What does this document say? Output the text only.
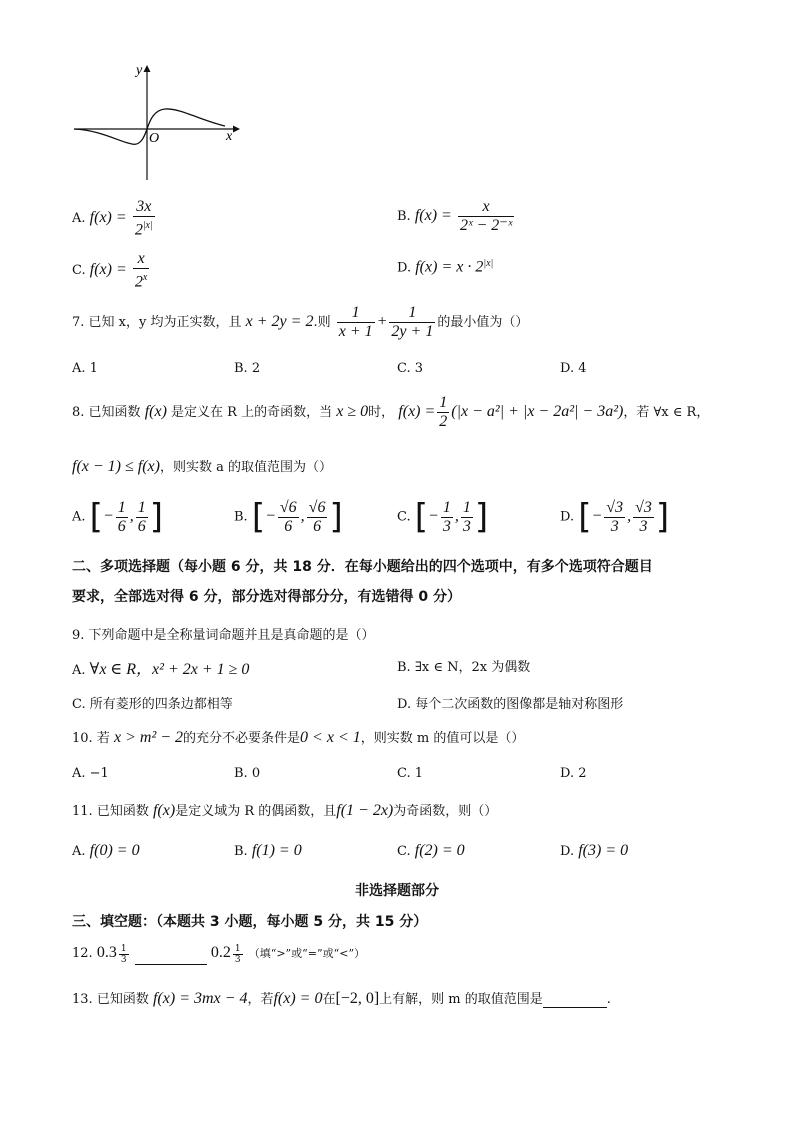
y
x
O
A. $f(x) = \frac{3x}{2^{|x|}}$	B. $f(x) = \frac{x}{\text{2ˣ − 2⁻ˣ}}$
C. $f(x) = \frac{x}{2^x}$	D. $f(x) = x \cdot 2^{|x|}$
7. 已知 x，y 均为正实数，且 x + 2y = 2.则 $\frac{1}{x + 1} + \frac{1}{2y + 1}$ 的最小值为（）
A. 1	B. 2	C. 3	D. 4
8. 已知函数 f(x) 是定义在 R 上的奇函数，当 x ≥ 0时， $f(x) = \frac{1}{2} (|x - a^2| + |x - 2a^2| - 3a^2)$，若 ∀x ∈ R，
f(x − 1) ≤ f(x)，则实数 a 的取值范围为（）
A. [− $\frac{1}{6}$ , $\frac{1}{6}$ ]	B. [− $\frac{√6}{6}$ , $\frac{√6}{6}$ ]	C. [− $\frac{1}{3}$ , $\frac{1}{3}$ ]	D. [− $\frac{√3}{3}$ , $\frac{√3}{3}$ ]
二、多项选择题（每小题 6 分，共 18 分．在每小题给出的四个选项中，有多个选项符合题目
要求，全部选对得 6 分，部分选对得部分分，有选错得 0 分）
9. 下列命题中是全称量词命题并且是真命题的是（）
A. ∀x ∈ R，x² + 2x + 1 ≥ 0	B. ∃x ∈ N，2x 为偶数
C. 所有菱形的四条边都相等	D. 每个二次函数的图像都是轴对称图形
10. 若 x > m² − 2的充分不必要条件是0 < x < 1，则实数 m 的值可以是（）
A. −1	B. 0	C. 1	D. 2
11. 已知函数 f(x)是定义域为 R 的偶函数，且f(1 − 2x)为奇函数，则（）
A. f(0) = 0	B. f(1) = 0	C. f(2) = 0	D. f(3) = 0
非选择题部分
三、填空题：（本题共 3 小题，每小题 5 分，共 15 分）
12. $0.3 \frac{1}{3}$	$0.2 \frac{1}{3}$ （填“>”或“=”或“<”）
13. 已知函数 f(x) = 3mx − 4，若f(x) = 0在[−2, 0]上有解，则 m 的取值范围是	.
